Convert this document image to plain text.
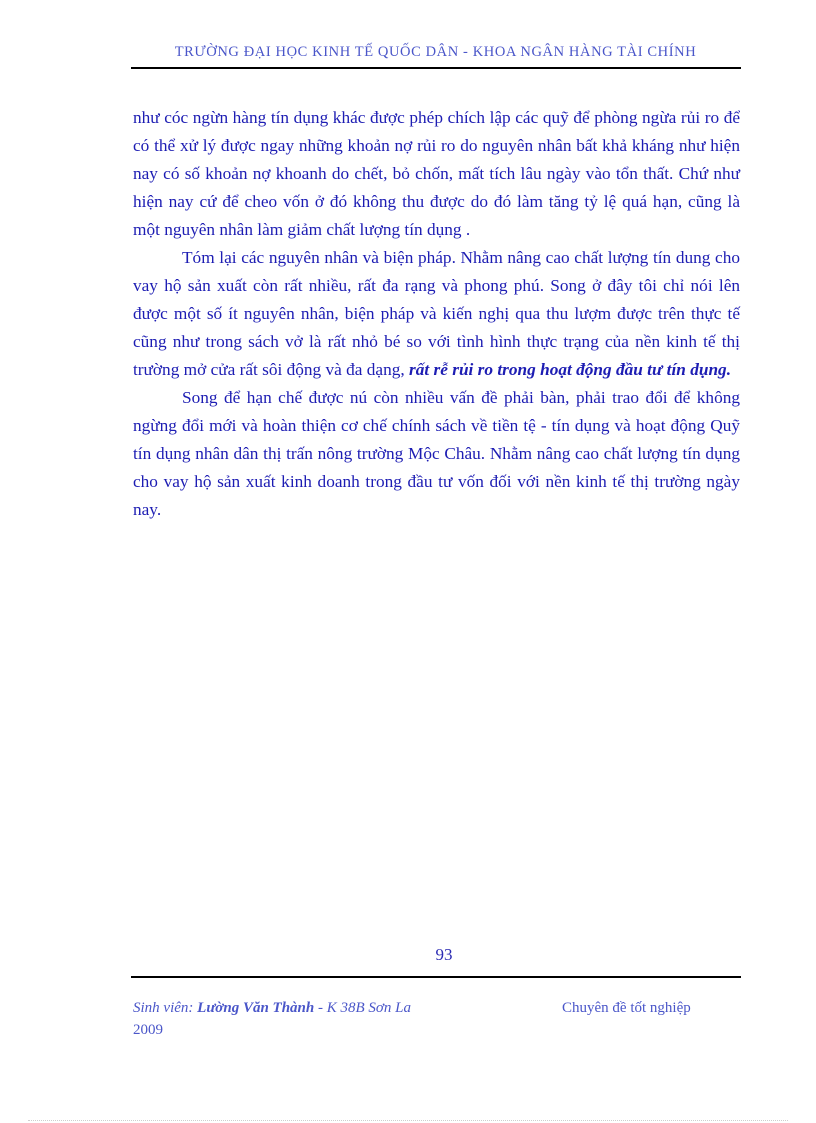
TRƯỜNG ĐẠI HỌC KINH TẾ QUỐC DÂN - KHOA NGÂN HÀNG TÀI CHÍNH

như cóc ngừn hàng tín dụng khác được phép chích lập các quỹ để phòng ngừa rủi ro để có thể xử lý được ngay những khoản nợ rủi ro do nguyên nhân bất khả kháng như hiện nay có số khoản nợ khoanh do chết, bỏ chốn, mất tích lâu ngày vào tổn thất. Chứ như hiện nay cứ để cheo vốn ở đó không thu được do đó làm tăng tỷ lệ quá hạn, cũng là một nguyên nhân làm giảm chất lượng tín dụng .

Tóm lại các nguyên nhân và biện pháp. Nhằm nâng cao chất lượng tín dung cho vay hộ sản xuất còn rất nhiều, rất đa rạng và phong phú. Song ở đây tôi chỉ nói lên được một số ít nguyên nhân, biện pháp và kiến nghị qua thu lượm được trên thực tế cũng như trong sách vở là rất nhỏ bé so với tình hình thực trạng của nền kinh tế thị trường mở cửa rất sôi động và đa dạng, rất rễ rủi ro trong hoạt động đầu tư tín dụng.

Song để hạn chế được nú còn nhiều vấn đề phải bàn, phải trao đổi để không ngừng đổi mới và hoàn thiện cơ chế chính sách về tiền tệ - tín dụng và hoạt động Quỹ tín dụng nhân dân thị trấn nông trường Mộc Châu. Nhằm nâng cao chất lượng tín dụng cho vay hộ sản xuất kinh doanh trong đầu tư vốn đối với nền kinh tế thị trường ngày nay.

93
Sinh viên: Lường Văn Thành - K 38B Sơn La
2009
Chuyên đề tốt nghiệp
